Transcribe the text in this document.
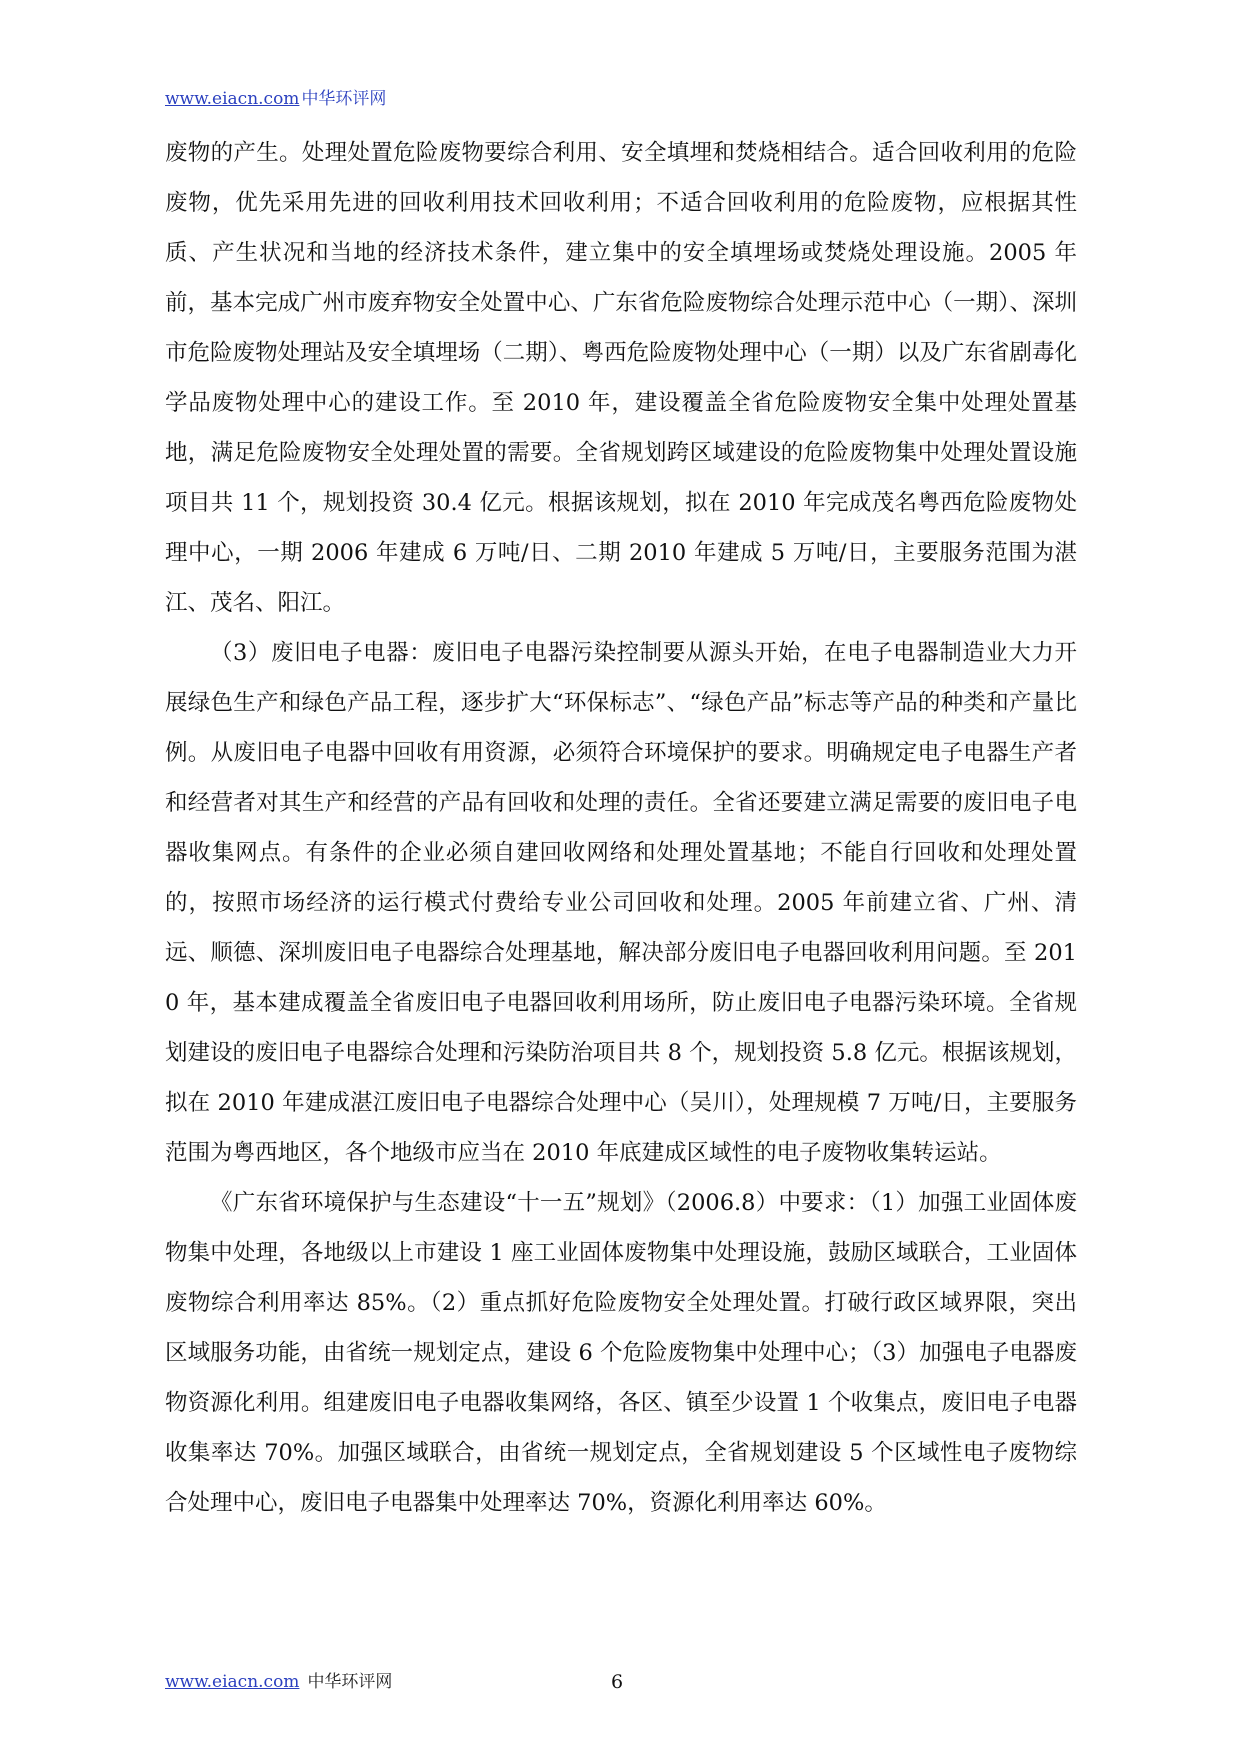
www.eiacn.com 中华环评网

废物的产生。处理处置危险废物要综合利用、安全填埋和焚烧相结合。适合回收利用的危险废物，优先采用先进的回收利用技术回收利用；不适合回收利用的危险废物，应根据其性质、产生状况和当地的经济技术条件，建立集中的安全填埋场或焚烧处理设施。2005 年前，基本完成广州市废弃物安全处置中心、广东省危险废物综合处理示范中心（一期）、深圳市危险废物处理站及安全填埋场（二期）、粤西危险废物处理中心（一期）以及广东省剧毒化学品废物处理中心的建设工作。至 2010 年，建设覆盖全省危险废物安全集中处理处置基地，满足危险废物安全处理处置的需要。全省规划跨区域建设的危险废物集中处理处置设施项目共 11 个，规划投资 30.4 亿元。根据该规划，拟在 2010 年完成茂名粤西危险废物处理中心，一期 2006 年建成 6 万吨/日、二期 2010 年建成 5 万吨/日，主要服务范围为湛江、茂名、阳江。

（3）废旧电子电器：废旧电子电器污染控制要从源头开始，在电子电器制造业大力开展绿色生产和绿色产品工程，逐步扩大“环保标志”、“绿色产品”标志等产品的种类和产量比例。从废旧电子电器中回收有用资源，必须符合环境保护的要求。明确规定电子电器生产者和经营者对其生产和经营的产品有回收和处理的责任。全省还要建立满足需要的废旧电子电器收集网点。有条件的企业必须自建回收网络和处理处置基地；不能自行回收和处理处置的，按照市场经济的运行模式付费给专业公司回收和处理。2005 年前建立省、广州、清远、顺德、深圳废旧电子电器综合处理基地，解决部分废旧电子电器回收利用问题。至 2010 年，基本建成覆盖全省废旧电子电器回收利用场所，防止废旧电子电器污染环境。全省规划建设的废旧电子电器综合处理和污染防治项目共 8 个，规划投资 5.8 亿元。根据该规划，拟在 2010 年建成湛江废旧电子电器综合处理中心（吴川），处理规模 7 万吨/日，主要服务范围为粤西地区，各个地级市应当在 2010 年底建成区域性的电子废物收集转运站。

《广东省环境保护与生态建设“十一五”规划》（2006.8）中要求：（1）加强工业固体废物集中处理，各地级以上市建设 1 座工业固体废物集中处理设施，鼓励区域联合，工业固体废物综合利用率达 85%。（2）重点抓好危险废物安全处理处置。打破行政区域界限，突出区域服务功能，由省统一规划定点，建设 6 个危险废物集中处理中心；（3）加强电子电器废物资源化利用。组建废旧电子电器收集网络，各区、镇至少设置 1 个收集点，废旧电子电器收集率达 70%。加强区域联合，由省统一规划定点，全省规划建设 5 个区域性电子废物综合处理中心，废旧电子电器集中处理率达 70%，资源化利用率达 60%。

www.eiacn.com 中华环评网	6
